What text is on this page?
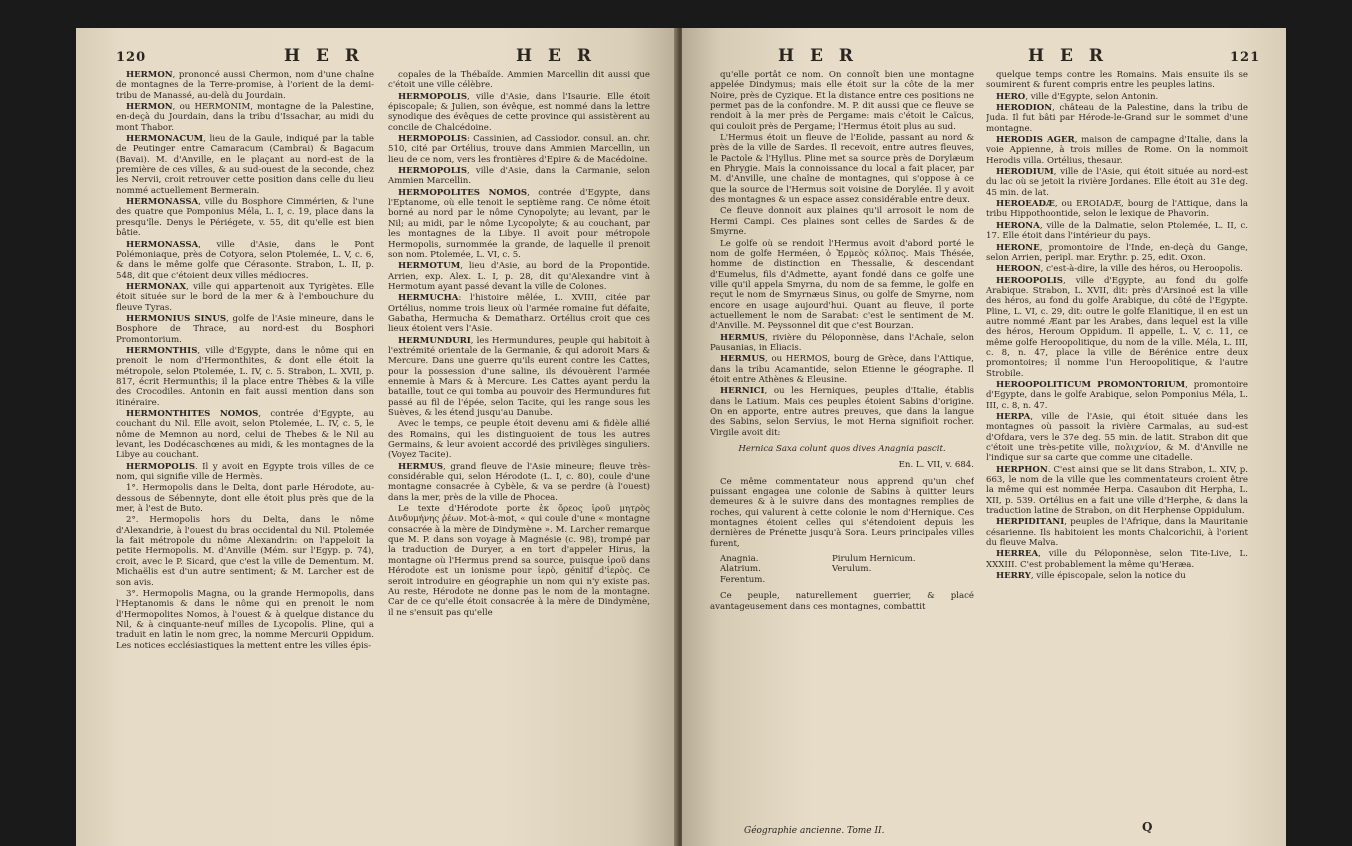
120	H E R	H E R

HERMON, prononcé aussi Chermon, nom d'une chaîne de montagnes de la Terre-promise, à l'orient de la demi-tribu de Manassé, au-delà du Jourdain.

HERMON, ou HERMONIM, montagne de la Palestine, en-deçà du Jourdain, dans la tribu d'Issachar, au midi du mont Thabor.

HERMONACUM, lieu de la Gaule, indiqué par la table de Peutinger entre Camaracum (Cambrai) & Bagacum (Bavai). M. d'Anville, en le plaçant au nord-est de la première de ces villes, & au sud-ouest de la seconde, chez les Nervii, croit retrouver cette position dans celle du lieu nommé actuellement Bermerain.

HERMONASSA, ville du Bosphore Cimmérien, & l'une des quatre que Pomponius Méla, L. I, c. 19, place dans la presqu'île. Denys le Périégete, v. 55, dit qu'elle est bien bâtie.

HERMONASSA, ville d'Asie, dans le Pont Polémoniaque, près de Cotyora, selon Ptolemée, L. V, c. 6, & dans le même golfe que Cérasonte. Strabon, L. II, p. 548, dit que c'étoient deux villes médiocres.

HERMONAX, ville qui appartenoit aux Tyrigètes. Elle étoit située sur le bord de la mer & à l'embouchure du fleuve Tyras.

HERMONIUS SINUS, golfe de l'Asie mineure, dans le Bosphore de Thrace, au nord-est du Bosphori Promontorium.

HERMONTHIS, ville d'Egypte, dans le nôme qui en prenoit le nom d'Hermonthites, & dont elle étoit la métropole, selon Ptolemée, L. IV, c. 5. Strabon, L. XVII, p. 817, écrit Hermunthis; il la place entre Thèbes & la ville des Crocodiles. Antonin en fait aussi mention dans son itinéraire.

HERMONTHITES NOMOS, contrée d'Egypte, au couchant du Nil. Elle avoit, selon Ptolemée, L. IV, c. 5, le nôme de Memnon au nord, celui de Thebes & le Nil au levant, les Dodécaschœnes au midi, & les montagnes de la Libye au couchant.

HERMOPOLIS. Il y avoit en Egypte trois villes de ce nom, qui signifie ville de Hermès.

1°. Hermopolis dans le Delta, dont parle Hérodote, au-dessous de Sébennyte, dont elle étoit plus près que de la mer, à l'est de Buto.

2°. Hermopolis hors du Delta, dans le nôme d'Alexandrie, à l'ouest du bras occidental du Nil. Ptolemée la fait métropole du nôme Alexandrin: on l'appeloit la petite Hermopolis. M. d'Anville (Mém. sur l'Egyp. p. 74), croit, avec le P. Sicard, que c'est la ville de Dementum. M. Michaëlis est d'un autre sentiment; & M. Larcher est de son avis.

3°. Hermopolis Magna, ou la grande Hermopolis, dans l'Heptanomis & dans le nôme qui en prenoit le nom d'Hermopolites Nomos, à l'ouest & à quelque distance du Nil, & à cinquante-neuf milles de Lycopolis. Pline, qui a traduit en latin le nom grec, la nomme Mercurii Oppidum. Les notices ecclésiastiques la mettent entre les villes épis-

copales de la Thébaïde. Ammien Marcellin dit aussi que c'étoit une ville célèbre.

HERMOPOLIS, ville d'Asie, dans l'Isaurie. Elle étoit épiscopale; & Julien, son évêque, est nommé dans la lettre synodique des évêques de cette province qui assistèrent au concile de Chalcédoine.

HERMOPOLIS: Cassinien, ad Cassiodor. consul. an. chr. 510, cité par Ortélius, trouve dans Ammien Marcellin, un lieu de ce nom, vers les frontières d'Epire & de Macédoine.

HERMOPOLIS, ville d'Asie, dans la Carmanie, selon Ammien Marcellin.

HERMOPOLITES NOMOS, contrée d'Egypte, dans l'Eptanome, où elle tenoit le septième rang. Ce nôme étoit borné au nord par le nôme Cynopolyte; au levant, par le Nil; au midi, par le nôme Lycopolyte; & au couchant, par les montagnes de la Libye. Il avoit pour métropole Hermopolis, surnommée la grande, de laquelle il prenoit son nom. Ptolemée, L. VI, c. 5.

HERMOTUM, lieu d'Asie, au bord de la Propontide. Arrien, exp. Alex. L. I, p. 28, dit qu'Alexandre vint à Hermotum ayant passé devant la ville de Colones.

HERMUCHA: l'histoire mêlée, L. XVIII, citée par Ortélius, nomme trois lieux où l'armée romaine fut défaite, Gabatha, Hermucha & Dematharz. Ortélius croit que ces lieux étoient vers l'Asie.

HERMUNDURI, les Hermundures, peuple qui habitoit à l'extrémité orientale de la Germanie, & qui adoroit Mars & Mercure. Dans une guerre qu'ils eurent contre les Cattes, pour la possession d'une saline, ils dévouèrent l'armée ennemie à Mars & à Mercure. Les Cattes ayant perdu la bataille, tout ce qui tomba au pouvoir des Hermundures fut passé au fil de l'épée, selon Tacite, qui les range sous les Suèves, & les étend jusqu'au Danube.

Avec le temps, ce peuple étoit devenu ami & fidèle allié des Romains, qui les distinguoient de tous les autres Germains, & leur avoient accordé des privilèges singuliers. (Voyez Tacite).

HERMUS, grand fleuve de l'Asie mineure; fleuve très-considérable qui, selon Hérodote (L. I, c. 80), coule d'une montagne consacrée à Cybèle, & va se perdre (à l'ouest) dans la mer, près de la ville de Phocea.

Le texte d'Hérodote porte ἐκ ὄρεος ἱροῦ μητρὸς Δινδυμήνης ῥέων. Mot-à-mot, « qui coule d'une « montagne consacrée à la mère de Dindymène ». M. Larcher remarque que M. P. dans son voyage à Magnésie (c. 98), trompé par la traduction de Duryer, a en tort d'appeler Hirus, la montagne où l'Hermus prend sa source, puisque ἱροῦ dans Hérodote est un ionisme pour ἱερὸ, génitif d'ἱερὸς. Ce seroit introduire en géographie un nom qui n'y existe pas. Au reste, Hérodote ne donne pas le nom de la montagne. Car de ce qu'elle étoit consacrée à la mère de Dindymène, il ne s'ensuit pas qu'elle

H E R	H E R	121

qu'elle portât ce nom. On connoît bien une montagne appelée Dindymus; mais elle étoit sur la côte de la mer Noire, près de Cyzique. Et la distance entre ces positions ne permet pas de la confondre. M. P. dit aussi que ce fleuve se rendoit à la mer près de Pergame: mais c'étoit le Caïcus, qui couloit près de Pergame; l'Hermus étoit plus au sud.

L'Hermus étoit un fleuve de l'Eolide, passant au nord & près de la ville de Sardes. Il recevoit, entre autres fleuves, le Pactole & l'Hyllus. Pline met sa source près de Dorylæum en Phrygie. Mais la connoissance du local a fait placer, par M. d'Anville, une chaîne de montagnes, qui s'oppose à ce que la source de l'Hermus soit voisine de Dorylée. Il y avoit des montagnes & un espace assez considérable entre deux.

Ce fleuve donnoit aux plaines qu'il arrosoit le nom de Hermi Campi. Ces plaines sont celles de Sardes & de Smyrne.

Le golfe où se rendoit l'Hermus avoit d'abord porté le nom de golfe Herméen, ὁ Ἑρμεὸς κόλπος. Mais Thésée, homme de distinction en Thessalie, & descendant d'Eumelus, fils d'Admette, ayant fondé dans ce golfe une ville qu'il appela Smyrna, du nom de sa femme, le golfe en reçut le nom de Smyrnæus Sinus, ou golfe de Smyrne, nom encore en usage aujourd'hui. Quant au fleuve, il porte actuellement le nom de Sarabat: c'est le sentiment de M. d'Anville. M. Peyssonnel dit que c'est Bourzan.

HERMUS, rivière du Péloponnèse, dans l'Achaïe, selon Pausanias, in Eliacis.

HERMUS, ou HERMOS, bourg de Grèce, dans l'Attique, dans la tribu Acamantide, selon Etienne le géographe. Il étoit entre Athènes & Eleusine.

HERNICI, ou les Herniques, peuples d'Italie, établis dans le Latium. Mais ces peuples étoient Sabins d'origine. On en apporte, entre autres preuves, que dans la langue des Sabins, selon Servius, le mot Herna signifioit rocher. Virgile avoit dit:

Hernica Saxa colunt quos dives Anagnia pascit.
En. L. VII, v. 684.

Ce même commentateur nous apprend qu'un chef puissant engagea une colonie de Sabins à quitter leurs demeures & à le suivre dans des montagnes remplies de roches, qui valurent à cette colonie le nom d'Hernique. Ces montagnes étoient celles qui s'étendoient depuis les dernières de Prénette jusqu'à Sora. Leurs principales villes furent,

Anagnia.	Pirulum Hernicum.
Alatrium.	Verulum.
Ferentum.

Ce peuple, naturellement guerrier, & placé avantageusement dans ces montagnes, combattit

quelque temps contre les Romains. Mais ensuite ils se soumirent & furent compris entre les peuples latins.

HERO, ville d'Egypte, selon Antonin.

HERODION, château de la Palestine, dans la tribu de Juda. Il fut bâti par Hérode-le-Grand sur le sommet d'une montagne.

HERODIS AGER, maison de campagne d'Italie, dans la voie Appienne, à trois milles de Rome. On la nommoit Herodis villa. Ortélius, thesaur.

HERODIUM, ville de l'Asie, qui étoit située au nord-est du lac où se jetoit la rivière Jordanes. Elle étoit au 31e deg. 45 min. de lat.

HEROEADÆ, ou EROIADÆ, bourg de l'Attique, dans la tribu Hippothoontide, selon le lexique de Phavorin.

HERONA, ville de la Dalmatie, selon Ptolemée, L. II, c. 17. Elle étoit dans l'intérieur du pays.

HERONE, promontoire de l'Inde, en-deçà du Gange, selon Arrien, peripl. mar. Erythr. p. 25, edit. Oxon.

HEROON, c'est-à-dire, la ville des héros, ou Heroopolis.

HEROOPOLIS, ville d'Egypte, au fond du golfe Arabique. Strabon, L. XVII, dit: près d'Arsinoé est la ville des héros, au fond du golfe Arabique, du côté de l'Egypte. Pline, L. VI, c. 29, dit: outre le golfe Elanitique, il en est un autre nommé Æant par les Arabes, dans lequel est la ville des héros, Heroum Oppidum. Il appelle, L. V, c. 11, ce même golfe Heroopolitique, du nom de la ville. Méla, L. III, c. 8, n. 47, place la ville de Bérénice entre deux promontoires; il nomme l'un Heroopolitique, & l'autre Strobile.

HEROOPOLITICUM PROMONTORIUM, promontoire d'Egypte, dans le golfe Arabique, selon Pomponius Méla, L. III, c. 8, n. 47.

HERPA, ville de l'Asie, qui étoit située dans les montagnes où passoit la rivière Carmalas, au sud-est d'Ofdara, vers le 37e deg. 55 min. de latit. Strabon dit que c'étoit une très-petite ville, πολιχνίον, & M. d'Anville ne l'indique sur sa carte que comme une citadelle.

HERPHON. C'est ainsi que se lit dans Strabon, L. XIV, p. 663, le nom de la ville que les commentateurs croient être la même qui est nommée Herpa. Casaubon dit Herpha, L. XII, p. 539. Ortélius en a fait une ville d'Herphe, & dans la traduction latine de Strabon, on dit Herphense Oppidulum.

HERPIDITANI, peuples de l'Afrique, dans la Mauritanie césarienne. Ils habitoient les monts Chalcorichii, à l'orient du fleuve Malva.

HERREA, ville du Péloponnèse, selon Tite-Live, L. XXXIII. C'est probablement la même qu'Heræa.

HERRY, ville épiscopale, selon la notice du

Géographie ancienne. Tome II.	Q
